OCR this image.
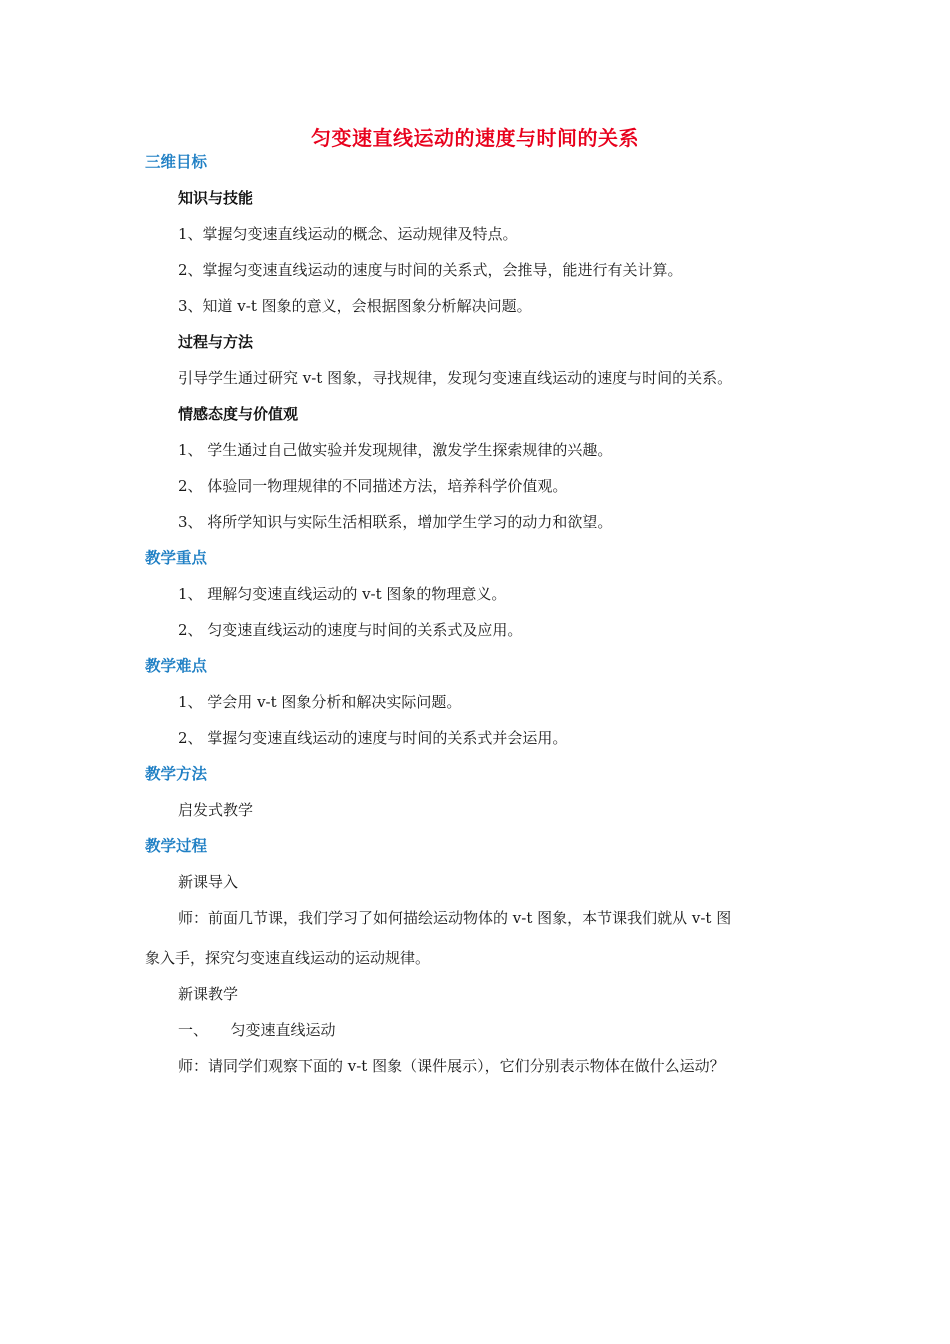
匀变速直线运动的速度与时间的关系
三维目标
知识与技能
1、掌握匀变速直线运动的概念、运动规律及特点。
2、掌握匀变速直线运动的速度与时间的关系式，会推导，能进行有关计算。
3、知道 v-t 图象的意义，会根据图象分析解决问题。
过程与方法
引导学生通过研究 v-t 图象，寻找规律，发现匀变速直线运动的速度与时间的关系。
情感态度与价值观
1、 学生通过自己做实验并发现规律，激发学生探索规律的兴趣。
2、 体验同一物理规律的不同描述方法，培养科学价值观。
3、 将所学知识与实际生活相联系，增加学生学习的动力和欲望。
教学重点
1、 理解匀变速直线运动的 v-t 图象的物理意义。
2、 匀变速直线运动的速度与时间的关系式及应用。
教学难点
1、 学会用 v-t 图象分析和解决实际问题。
2、 掌握匀变速直线运动的速度与时间的关系式并会运用。
教学方法
启发式教学
教学过程
新课导入
师：前面几节课，我们学习了如何描绘运动物体的 v-t 图象，本节课我们就从 v-t 图
象入手，探究匀变速直线运动的运动规律。
新课教学
一、　　匀变速直线运动
师：请同学们观察下面的 v-t 图象（课件展示），它们分别表示物体在做什么运动？
